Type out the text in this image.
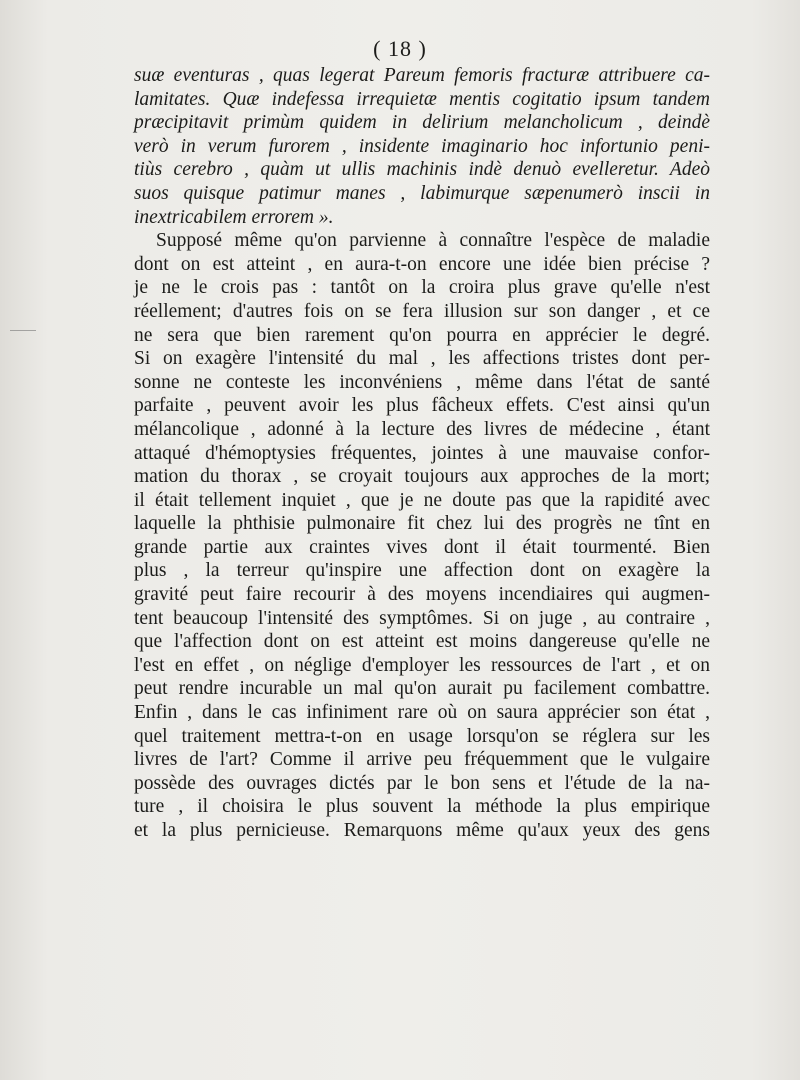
( 18 )
suæ eventuras , quas legerat Pareum femoris fracturæ attribuere ca-
lamitates. Quæ indefessa irrequietæ mentis cogitatio ipsum tandem
præcipitavit primùm quidem in delirium melancholicum , deindè
verò in verum furorem , insidente imaginario hoc infortunio peni-
tiùs cerebro , quàm ut ullis machinis indè denuò evelleretur. Adeò
suos quisque patimur manes , labimurque sæpenumerò inscii in
inextricabilem errorem ».
Supposé même qu'on parvienne à connaître l'espèce de maladie
dont on est atteint , en aura-t-on encore une idée bien précise ?
je ne le crois pas : tantôt on la croira plus grave qu'elle n'est
réellement; d'autres fois on se fera illusion sur son danger , et ce
ne sera que bien rarement qu'on pourra en apprécier le degré.
Si on exagère l'intensité du mal , les affections tristes dont per-
sonne ne conteste les inconvéniens , même dans l'état de santé
parfaite , peuvent avoir les plus fâcheux effets. C'est ainsi qu'un
mélancolique , adonné à la lecture des livres de médecine , étant
attaqué d'hémoptysies fréquentes, jointes à une mauvaise confor-
mation du thorax , se croyait toujours aux approches de la mort;
il était tellement inquiet , que je ne doute pas que la rapidité avec
laquelle la phthisie pulmonaire fit chez lui des progrès ne tînt en
grande partie aux craintes vives dont il était tourmenté. Bien
plus , la terreur qu'inspire une affection dont on exagère la
gravité peut faire recourir à des moyens incendiaires qui augmen-
tent beaucoup l'intensité des symptômes. Si on juge , au contraire ,
que l'affection dont on est atteint est moins dangereuse qu'elle ne
l'est en effet , on néglige d'employer les ressources de l'art , et on
peut rendre incurable un mal qu'on aurait pu facilement combattre.
Enfin , dans le cas infiniment rare où on saura apprécier son état ,
quel traitement mettra-t-on en usage lorsqu'on se réglera sur les
livres de l'art? Comme il arrive peu fréquemment que le vulgaire
possède des ouvrages dictés par le bon sens et l'étude de la na-
ture , il choisira le plus souvent la méthode la plus empirique
et la plus pernicieuse. Remarquons même qu'aux yeux des gens
